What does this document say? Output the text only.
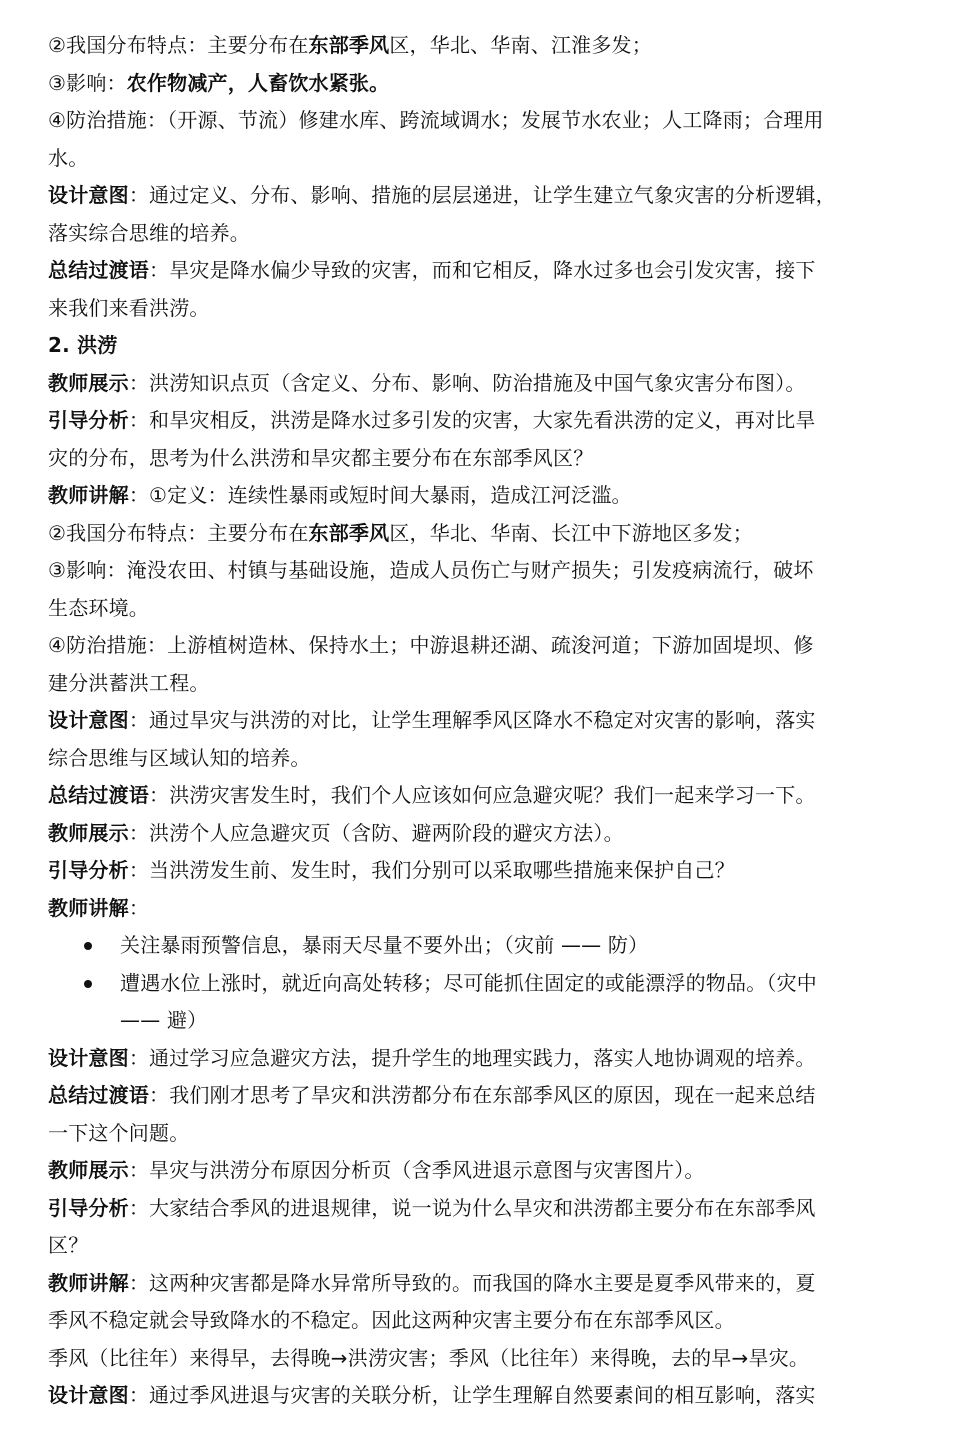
②我国分布特点：主要分布在东部季风区，华北、华南、江淮多发；
③影响：农作物减产，人畜饮水紧张。
④防治措施：（开源、节流）修建水库、跨流域调水；发展节水农业；人工降雨；合理用
水。
设计意图：通过定义、分布、影响、措施的层层递进，让学生建立气象灾害的分析逻辑，
落实综合思维的培养。
总结过渡语：旱灾是降水偏少导致的灾害，而和它相反，降水过多也会引发灾害，接下
来我们来看洪涝。
2. 洪涝
教师展示：洪涝知识点页（含定义、分布、影响、防治措施及中国气象灾害分布图）。
引导分析：和旱灾相反，洪涝是降水过多引发的灾害，大家先看洪涝的定义，再对比旱
灾的分布，思考为什么洪涝和旱灾都主要分布在东部季风区？
教师讲解：①定义：连续性暴雨或短时间大暴雨，造成江河泛滥。
②我国分布特点：主要分布在东部季风区，华北、华南、长江中下游地区多发；
③影响：淹没农田、村镇与基础设施，造成人员伤亡与财产损失；引发疫病流行，破坏
生态环境。
④防治措施：上游植树造林、保持水土；中游退耕还湖、疏浚河道；下游加固堤坝、修
建分洪蓄洪工程。
设计意图：通过旱灾与洪涝的对比，让学生理解季风区降水不稳定对灾害的影响，落实
综合思维与区域认知的培养。
总结过渡语：洪涝灾害发生时，我们个人应该如何应急避灾呢？我们一起来学习一下。
教师展示：洪涝个人应急避灾页（含防、避两阶段的避灾方法）。
引导分析：当洪涝发生前、发生时，我们分别可以采取哪些措施来保护自己？
教师讲解：
关注暴雨预警信息，暴雨天尽量不要外出；（灾前 —— 防）
遭遇水位上涨时，就近向高处转移；尽可能抓住固定的或能漂浮的物品。（灾中
—— 避）
设计意图：通过学习应急避灾方法，提升学生的地理实践力，落实人地协调观的培养。
总结过渡语：我们刚才思考了旱灾和洪涝都分布在东部季风区的原因，现在一起来总结
一下这个问题。
教师展示：旱灾与洪涝分布原因分析页（含季风进退示意图与灾害图片）。
引导分析：大家结合季风的进退规律，说一说为什么旱灾和洪涝都主要分布在东部季风
区？
教师讲解：这两种灾害都是降水异常所导致的。而我国的降水主要是夏季风带来的，夏
季风不稳定就会导致降水的不稳定。因此这两种灾害主要分布在东部季风区。
季风（比往年）来得早，去得晚→洪涝灾害；季风（比往年）来得晚，去的早→旱灾。
设计意图：通过季风进退与灾害的关联分析，让学生理解自然要素间的相互影响，落实
